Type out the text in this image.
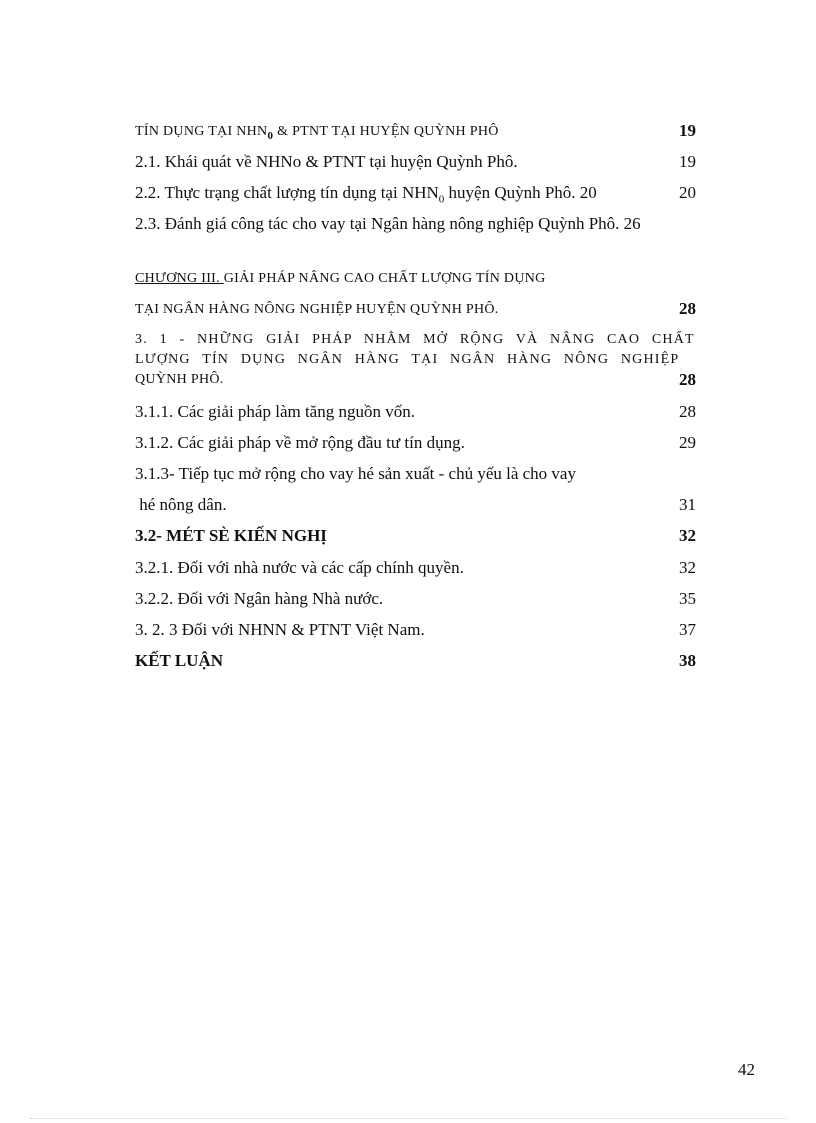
TÍN DỤNG TẠI $NHN_0$ & PTNT TẠI HUYỆN QUỲNH PHÔ	19
2.1. Khái quát về NHNo & PTNT tại huyện Quỳnh Phô.	19
2.2. Thực trạng chất lượng tín dụng tại $NHN_0$ huyện Quỳnh Phô. 20	20
2.3. Đánh giá công tác cho vay tại Ngân hàng nông nghiệp Quỳnh Phô. 26
CHƯƠNG III. GIẢI PHÁP NÂNG CAO CHẤT LƯỢNG TÍN DỤNG
TẠI NGÂN HÀNG NÔNG NGHIỆP HUYỆN QUỲNH PHÔ.	28
3. 1 - NHỮNG GIẢI PHÁP NHẰM MỞ RỘNG VÀ NÂNG CAO CHẤT
LƯỢNG TÍN DỤNG NGÂN HÀNG TẠI NGÂN HÀNG NÔNG NGHIỆP
QUỲNH PHÔ.	28
3.1.1. Các giải pháp làm tăng nguồn vốn.	28
3.1.2. Các giải pháp về mở rộng đầu tư tín dụng.	29
3.1.3- Tiếp tục mở rộng cho vay hé sản xuất - chủ yếu là cho vay
hé nông dân.	31
3.2- MÉT SÈ KIẾN NGHỊ	32
3.2.1. Đối với nhà nước và các cấp chính quyền.	32
3.2.2. Đối với Ngân hàng Nhà nước.	35
3. 2. 3 Đối với NHNN & PTNT Việt Nam.	37
KẾT LUẬN	38
42
